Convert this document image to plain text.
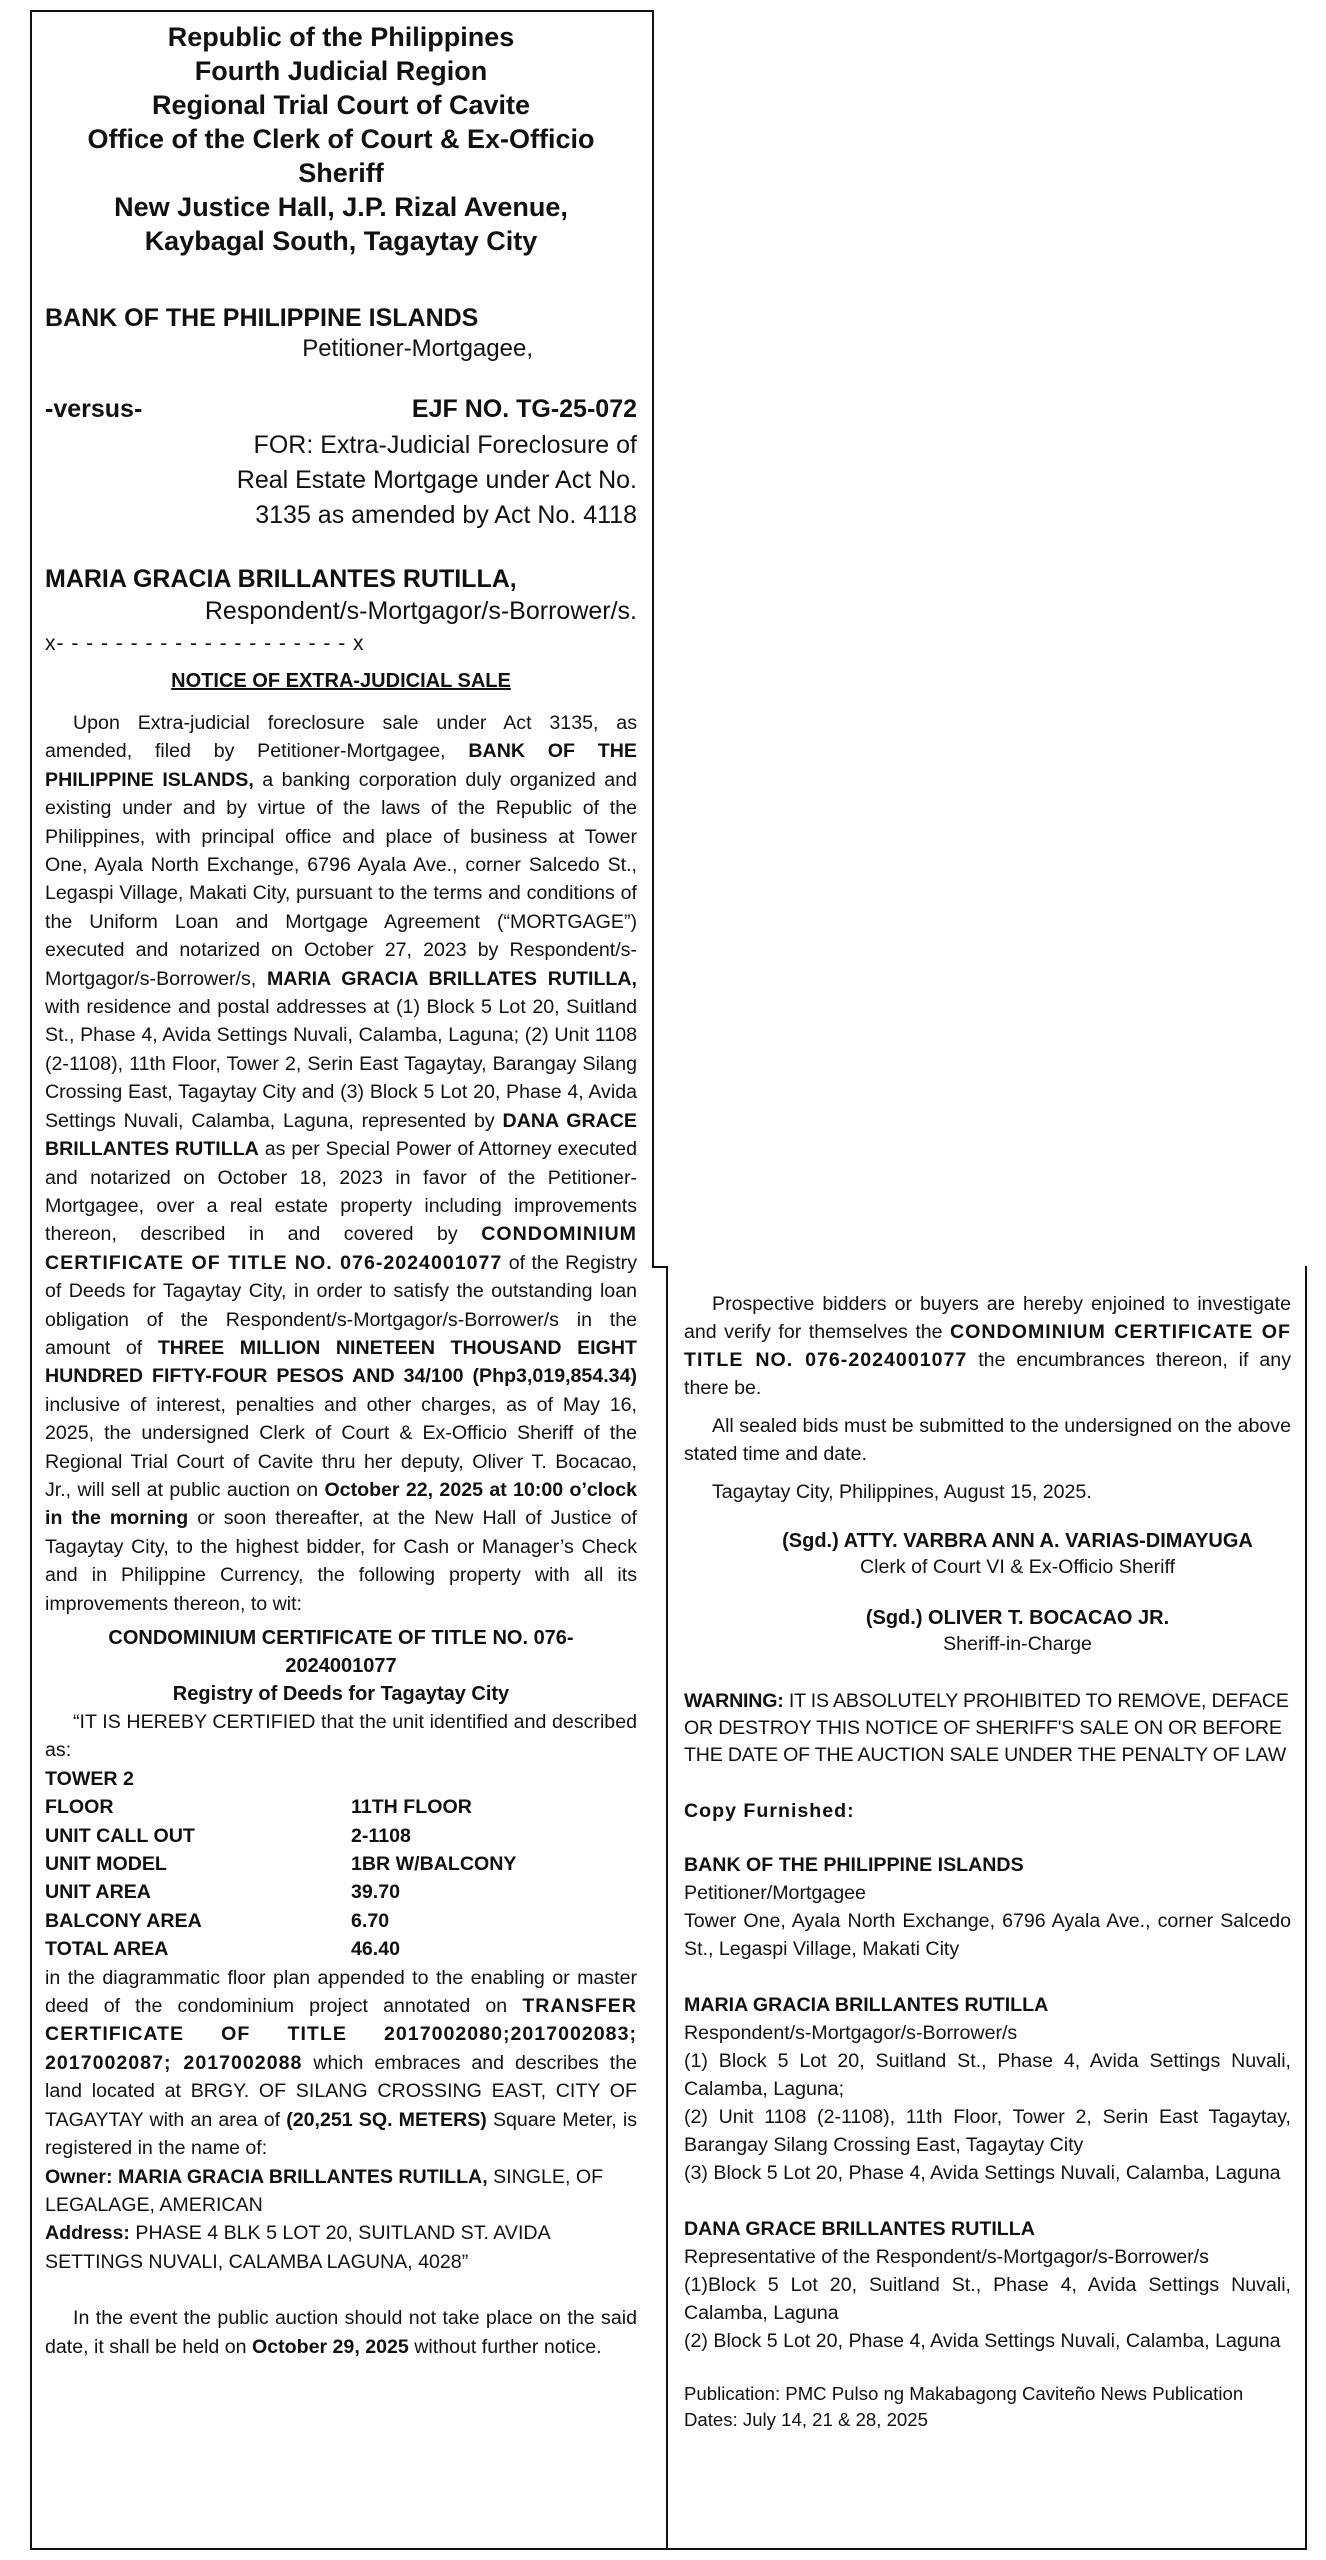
Republic of the Philippines
Fourth Judicial Region
Regional Trial Court of Cavite
Office of the Clerk of Court & Ex-Officio
Sheriff
New Justice Hall, J.P. Rizal Avenue,
Kaybagal South, Tagaytay City
BANK OF THE PHILIPPINE ISLANDS
Petitioner-Mortgagee,
-versus-	EJF NO. TG-25-072
FOR: Extra-Judicial Foreclosure of
Real Estate Mortgage under Act No.
3135 as amended by Act No. 4118
MARIA GRACIA BRILLANTES RUTILLA,
Respondent/s-Mortgagor/s-Borrower/s.
x- - - - - - - - - - - - - - - - - - - - x
NOTICE OF EXTRA-JUDICIAL SALE

Upon Extra-judicial foreclosure sale under Act 3135, as amended, filed by Petitioner-Mortgagee, BANK OF THE PHILIPPINE ISLANDS, a banking corporation duly organized and existing under and by virtue of the laws of the Republic of the Philippines, with principal office and place of business at Tower One, Ayala North Exchange, 6796 Ayala Ave., corner Salcedo St., Legaspi Village, Makati City, pursuant to the terms and conditions of the Uniform Loan and Mortgage Agreement (“MORTGAGE”) executed and notarized on October 27, 2023 by Respondent/s-Mortgagor/s-Borrower/s, MARIA GRACIA BRILLATES RUTILLA, with residence and postal addresses at (1) Block 5 Lot 20, Suitland St., Phase 4, Avida Settings Nuvali, Calamba, Laguna; (2) Unit 1108 (2-1108), 11th Floor, Tower 2, Serin East Tagaytay, Barangay Silang Crossing East, Tagaytay City and (3) Block 5 Lot 20, Phase 4, Avida Settings Nuvali, Calamba, Laguna, represented by DANA GRACE BRILLANTES RUTILLA as per Special Power of Attorney executed and notarized on October 18, 2023 in favor of the Petitioner-Mortgagee, over a real estate property including improvements thereon, described in and covered by CONDOMINIUM CERTIFICATE OF TITLE NO. 076-2024001077 of the Registry of Deeds for Tagaytay City, in order to satisfy the outstanding loan obligation of the Respondent/s-Mortgagor/s-Borrower/s in the amount of THREE MILLION NINETEEN THOUSAND EIGHT HUNDRED FIFTY-FOUR PESOS AND 34/100 (Php3,019,854.34) inclusive of interest, penalties and other charges, as of May 16, 2025, the undersigned Clerk of Court & Ex-Officio Sheriff of the Regional Trial Court of Cavite thru her deputy, Oliver T. Bocacao, Jr., will sell at public auction on October 22, 2025 at 10:00 o’clock in the morning or soon thereafter, at the New Hall of Justice of Tagaytay City, to the highest bidder, for Cash or Manager’s Check and in Philippine Currency, the following property with all its improvements thereon, to wit:

CONDOMINIUM CERTIFICATE OF TITLE NO. 076-
2024001077
Registry of Deeds for Tagaytay City

“IT IS HEREBY CERTIFIED that the unit identified and described as:

TOWER 2
FLOOR	11TH FLOOR
UNIT CALL OUT	2-1108
UNIT MODEL	1BR W/BALCONY
UNIT AREA	39.70
BALCONY AREA	6.70
TOTAL AREA	46.40

in the diagrammatic floor plan appended to the enabling or master deed of the condominium project annotated on TRANSFER CERTIFICATE OF TITLE 2017002080;2017002083; 2017002087; 2017002088 which embraces and describes the land located at BRGY. OF SILANG CROSSING EAST, CITY OF TAGAYTAY with an area of (20,251 SQ. METERS) Square Meter, is registered in the name of:

Owner: MARIA GRACIA BRILLANTES RUTILLA, SINGLE, OF LEGALAGE, AMERICAN

Address: PHASE 4 BLK 5 LOT 20, SUITLAND ST. AVIDA SETTINGS NUVALI, CALAMBA LAGUNA, 4028”

In the event the public auction should not take place on the said date, it shall be held on October 29, 2025 without further notice.

Prospective bidders or buyers are hereby enjoined to investigate and verify for themselves the CONDOMINIUM CERTIFICATE OF TITLE NO. 076-2024001077 the encumbrances thereon, if any there be.
All sealed bids must be submitted to the undersigned on the above stated time and date.
Tagaytay City, Philippines, August 15, 2025.
(Sgd.) ATTY. VARBRA ANN A. VARIAS-DIMAYUGA
Clerk of Court VI & Ex-Officio Sheriff
(Sgd.) OLIVER T. BOCACAO JR.
Sheriff-in-Charge
WARNING: IT IS ABSOLUTELY PROHIBITED TO REMOVE, DEFACE OR DESTROY THIS NOTICE OF SHERIFF'S SALE ON OR BEFORE THE DATE OF THE AUCTION SALE UNDER THE PENALTY OF LAW
Copy Furnished:
BANK OF THE PHILIPPINE ISLANDS
Petitioner/Mortgagee
Tower One, Ayala North Exchange, 6796 Ayala Ave., corner Salcedo St., Legaspi Village, Makati City
MARIA GRACIA BRILLANTES RUTILLA
Respondent/s-Mortgagor/s-Borrower/s
(1) Block 5 Lot 20, Suitland St., Phase 4, Avida Settings Nuvali, Calamba, Laguna;
(2) Unit 1108 (2-1108), 11th Floor, Tower 2, Serin East Tagaytay, Barangay Silang Crossing East, Tagaytay City
(3) Block 5 Lot 20, Phase 4, Avida Settings Nuvali, Calamba, Laguna
DANA GRACE BRILLANTES RUTILLA
Representative of the Respondent/s-Mortgagor/s-Borrower/s
(1)Block 5 Lot 20, Suitland St., Phase 4, Avida Settings Nuvali, Calamba, Laguna
(2) Block 5 Lot 20, Phase 4, Avida Settings Nuvali, Calamba, Laguna
Publication: PMC Pulso ng Makabagong Caviteño News Publication
Dates: July 14, 21 & 28, 2025
